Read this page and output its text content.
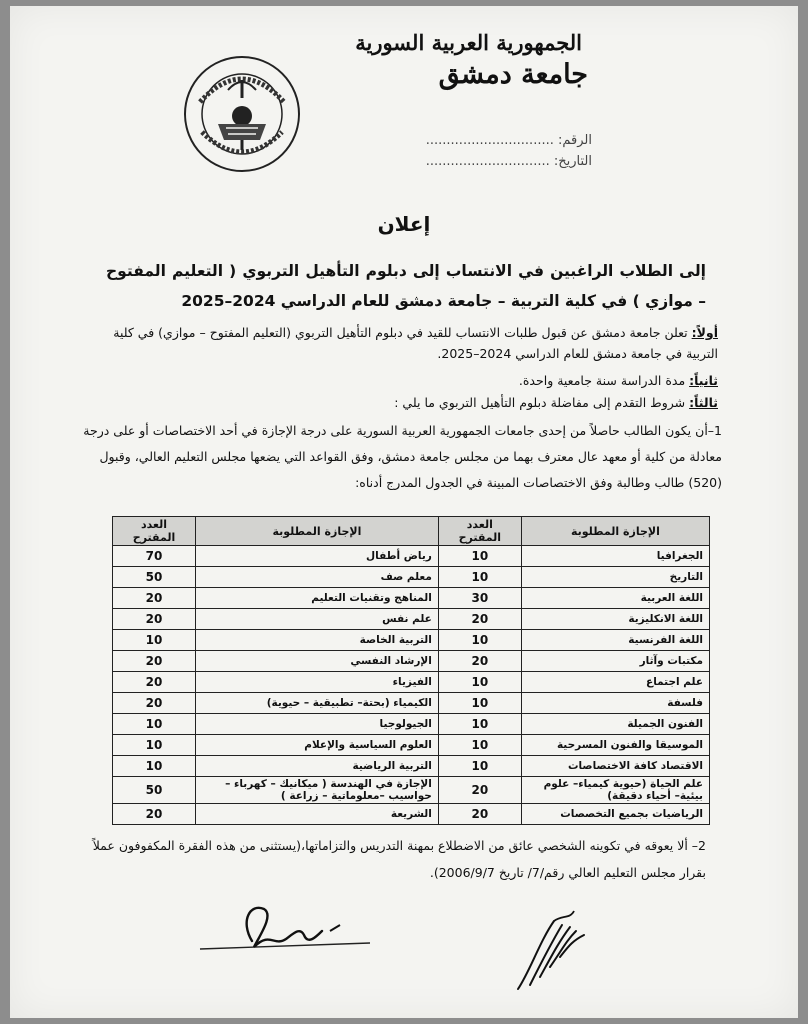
الجمهورية العربية السورية
جامعة دمشق
الرقم: ...............................
التاريخ: ..............................
إعلان
إلى الطلاب الراغبين في الانتساب إلى دبلوم التأهيل التربوي ( التعليم المفتوح – موازي ) في كلية التربية – جامعة دمشق للعام الدراسي 2024–2025
أولاً: تعلن جامعة دمشق عن قبول طلبات الانتساب للقيد في دبلوم التأهيل التربوي (التعليم المفتوح – موازي) في كلية التربية في جامعة دمشق للعام الدراسي 2024–2025.
ثانياً: مدة الدراسة سنة جامعية واحدة.
ثالثاً: شروط التقدم إلى مفاضلة دبلوم التأهيل التربوي ما يلي :
1–أن يكون الطالب حاصلاً من إحدى جامعات الجمهورية العربية السورية على درجة الإجازة في أحد الاختصاصات أو على درجة معادلة من كلية أو معهد عال معترف بهما من مجلس جامعة دمشق، وفق القواعد التي يضعها مجلس التعليم العالي، وقبول (520) طالب وطالبة وفق الاختصاصات المبينة في الجدول المدرج أدناه:
الإجازة المطلوبة	العدد المقترح	الإجازة المطلوبة	العدد المقترح
الجغرافيا	10	رياض أطفال	70
التاريخ	10	معلم صف	50
اللغة العربية	30	المناهج وتقنيات التعليم	20
اللغة الانكليزية	20	علم نفس	20
اللغة الفرنسية	10	التربية الخاصة	10
مكتبات وآثار	20	الإرشاد النفسي	20
علم اجتماع	10	الفيزياء	20
فلسفة	10	الكيمياء (بحتة– تطبيقية – حيوية)	20
الفنون الجميلة	10	الجيولوجيا	10
الموسيقا والفنون المسرحية	10	العلوم السياسية والإعلام	10
الاقتصاد كافة الاختصاصات	10	التربية الرياضية	10
علم الحياة (حيوية كيمياء– علوم بيئية– أحياء دقيقة)	20	الإجازة في الهندسة ( ميكانيك – كهرباء – حواسيب –معلوماتية – زراعة )	50
الرياضيات بجميع التخصصات	20	الشريعة	20
2– ألا يعوقه في تكوينه الشخصي عائق من الاضطلاع بمهنة التدريس والتزاماتها،(يستثنى من هذه الفقرة المكفوفون عملاً بقرار مجلس التعليم العالي رقم/7/ تاريخ 2006/9/7).
